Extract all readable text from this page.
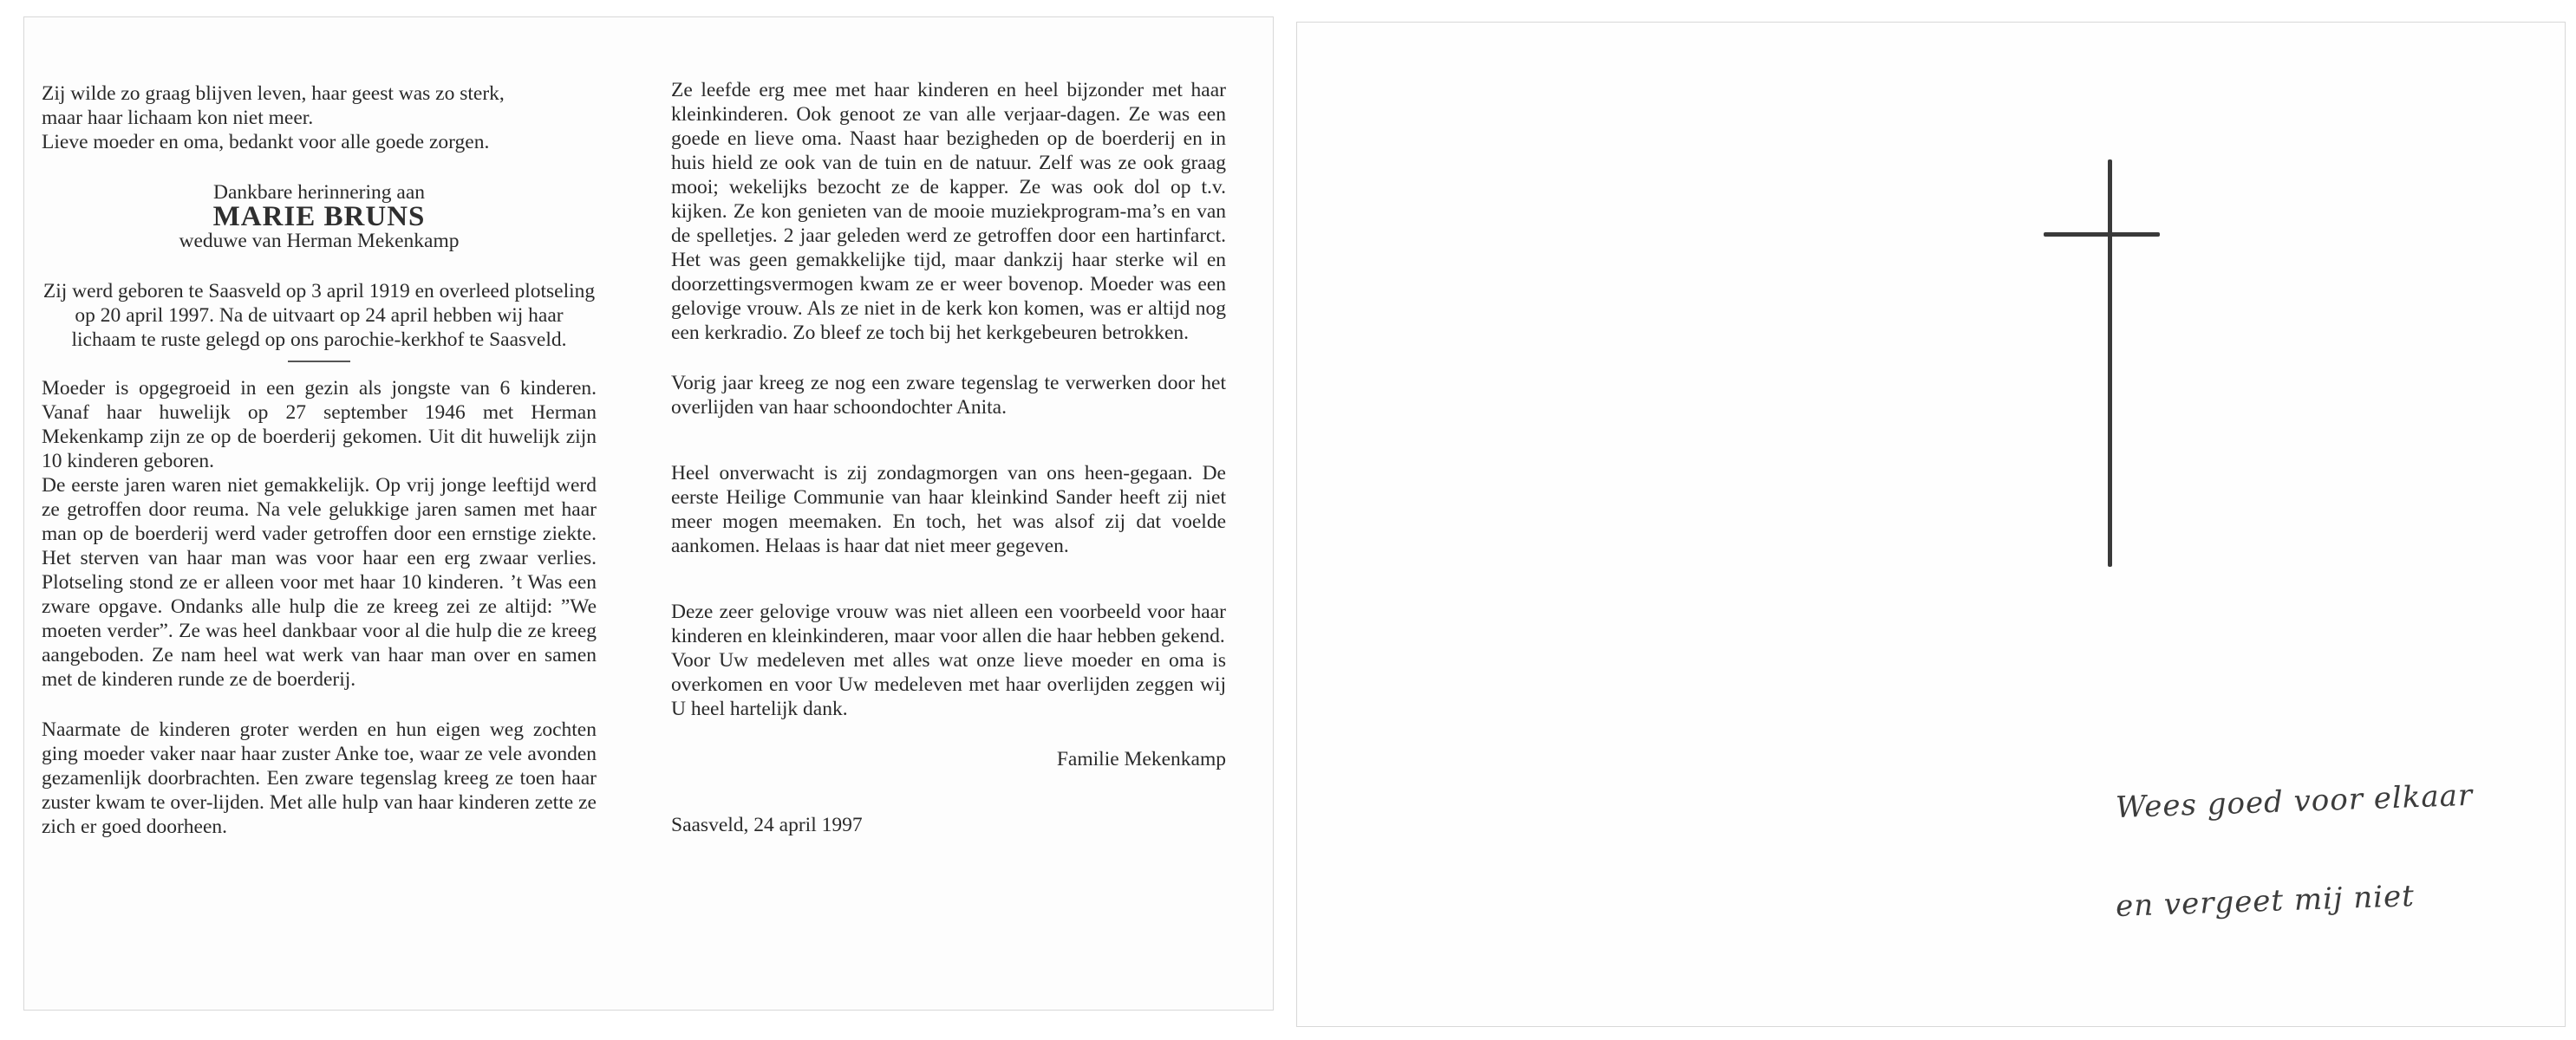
Zij wilde zo graag blijven leven, haar geest was zo sterk,
maar haar lichaam kon niet meer.
Lieve moeder en oma, bedankt voor alle goede zorgen.

Dankbare herinnering aan

MARIE BRUNS

weduwe van Herman Mekenkamp

Zij werd geboren te Saasveld op 3 april 1919 en overleed plotseling op 20 april 1997. Na de uitvaart op 24 april hebben wij haar lichaam te ruste gelegd op ons parochie-kerkhof te Saasveld.

Moeder is opgegroeid in een gezin als jongste van 6 kinderen. Vanaf haar huwelijk op 27 september 1946 met Herman Mekenkamp zijn ze op de boerderij gekomen. Uit dit huwelijk zijn 10 kinderen geboren.
De eerste jaren waren niet gemakkelijk. Op vrij jonge leeftijd werd ze getroffen door reuma. Na vele gelukkige jaren samen met haar man op de boerderij werd vader getroffen door een ernstige ziekte. Het sterven van haar man was voor haar een erg zwaar verlies. Plotseling stond ze er alleen voor met haar 10 kinderen. ’t Was een zware opgave. Ondanks alle hulp die ze kreeg zei ze altijd: ”We moeten verder”. Ze was heel dankbaar voor al die hulp die ze kreeg aangeboden. Ze nam heel wat werk van haar man over en samen met de kinderen runde ze de boerderij.

Naarmate de kinderen groter werden en hun eigen weg zochten ging moeder vaker naar haar zuster Anke toe, waar ze vele avonden gezamenlijk doorbrachten. Een zware tegenslag kreeg ze toen haar zuster kwam te over-lijden. Met alle hulp van haar kinderen zette ze zich er goed doorheen.

Ze leefde erg mee met haar kinderen en heel bijzonder met haar kleinkinderen. Ook genoot ze van alle verjaar-dagen. Ze was een goede en lieve oma. Naast haar bezigheden op de boerderij en in huis hield ze ook van de tuin en de natuur. Zelf was ze ook graag mooi; wekelijks bezocht ze de kapper. Ze was ook dol op t.v. kijken. Ze kon genieten van de mooie muziekprogram-ma’s en van de spelletjes. 2 jaar geleden werd ze getroffen door een hartinfarct. Het was geen gemakkelijke tijd, maar dankzij haar sterke wil en doorzettingsvermogen kwam ze er weer bovenop. Moeder was een gelovige vrouw. Als ze niet in de kerk kon komen, was er altijd nog een kerkradio. Zo bleef ze toch bij het kerkgebeuren betrokken.

Vorig jaar kreeg ze nog een zware tegenslag te verwerken door het overlijden van haar schoondochter Anita.

Heel onverwacht is zij zondagmorgen van ons heen-gegaan. De eerste Heilige Communie van haar kleinkind Sander heeft zij niet meer mogen meemaken. En toch, het was alsof zij dat voelde aankomen. Helaas is haar dat niet meer gegeven.

Deze zeer gelovige vrouw was niet alleen een voorbeeld voor haar kinderen en kleinkinderen, maar voor allen die haar hebben gekend.
Voor Uw medeleven met alles wat onze lieve moeder en oma is overkomen en voor Uw medeleven met haar overlijden zeggen wij U heel hartelijk dank.

Familie Mekenkamp

Saasveld, 24 april 1997	Wees goed voor elkaar
en vergeet mij niet
